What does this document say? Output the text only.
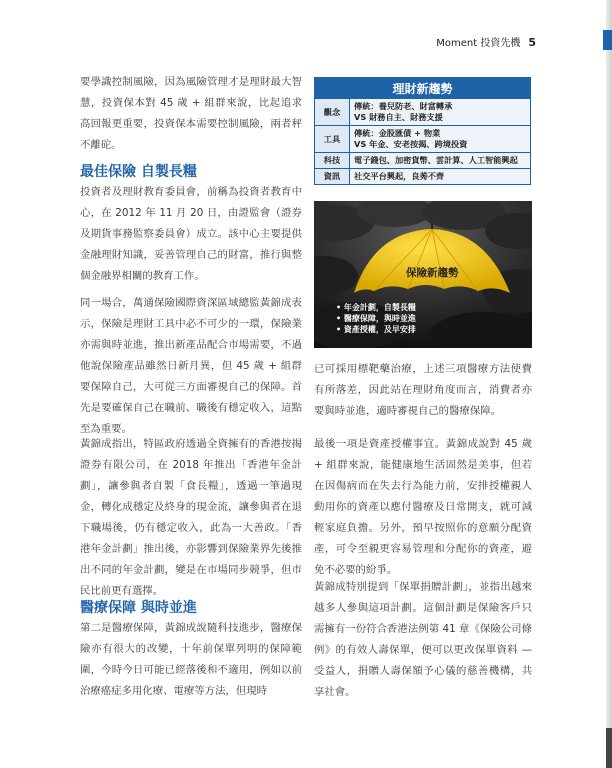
Moment 投資先機 5

要學識控制風險，因為風險管理才是理財最大智慧，投資保本對 45 歲 + 組群來說，比起追求高回報更重要，投資保本需要控制風險，兩者秤不離砣。

最佳保險 自製長糧

投資者及理財教育委員會，前稱為投資者教育中心，在 2012 年 11 月 20 日，由證監會（證券及期貨事務監察委員會）成立。該中心主要提供金融理財知識，妥善管理自己的財富，推行與整個金融界相關的教育工作。

同一場合，萬通保險國際資深區域總監黃錦成表示，保險是理財工具中必不可少的一環，保險業亦需與時並進，推出新產品配合市場需要，不過他說保險產品雖然日新月異，但 45 歲 + 組群要保障自己，大可從三方面審視自己的保障。首先是要確保自己在職前、職後有穩定收入，這點至為重要。

黃錦成指出，特區政府透過全資擁有的香港按揭證券有限公司，在 2018 年推出「香港年金計劃」，讓參與者自製「食長糧」，透過一筆過現金，轉化成穩定及終身的現金流，讓參與者在退下職場後，仍有穩定收入，此為一大善政。「香港年金計劃」推出後，亦影響到保險業界先後推出不同的年金計劃，變是在市場同步競爭，但市民比前更有選擇。

醫療保障 與時並進

第二是醫療保障，黃錦成說隨科技進步，醫療保險亦有很大的改變，十年前保單列明的保障範圍，今時今日可能已經落後和不適用，例如以前治療癌症多用化療、電療等方法，但現時

理財新趨勢	
觀念	傳統：養兒防老、財富轉承
VS 財務自主、財務支援
工具	傳統：金股匯債 + 物業
VS 年金、安老按揭、跨境投資
科技	電子錢包、加密貨幣、雲計算、人工智能興起
資訊	社交平台興起，良莠不齊
保險新趨勢
• 年金計劃，自製長糧
• 醫療保障，與時並進
• 資產授權，及早安排

已可採用標靶藥治療，上述三項醫療方法使費有所落差，因此站在理財角度而言，消費者亦要與時並進，適時審視自己的醫療保障。

最後一項是資產授權事宜。黃錦成說對 45 歲 + 組群來說，能健康地生活固然是美事，但若在因傷病而在失去行為能力前，安排授權親人動用你的資產以應付醫療及日常開支，就可減輕家庭負擔。另外，預早按照你的意願分配資產，可令至親更容易管理和分配你的資產，避免不必要的紛爭。

黃錦成特別提到「保單捐贈計劃」，並指出越來越多人參與這項計劃。這個計劃是保險客戶只需擁有一份符合香港法例第 41 章《保險公司條例》的有效人壽保單，便可以更改保單資料 — 受益人，捐贈人壽保額予心儀的慈善機構，共享社會。
